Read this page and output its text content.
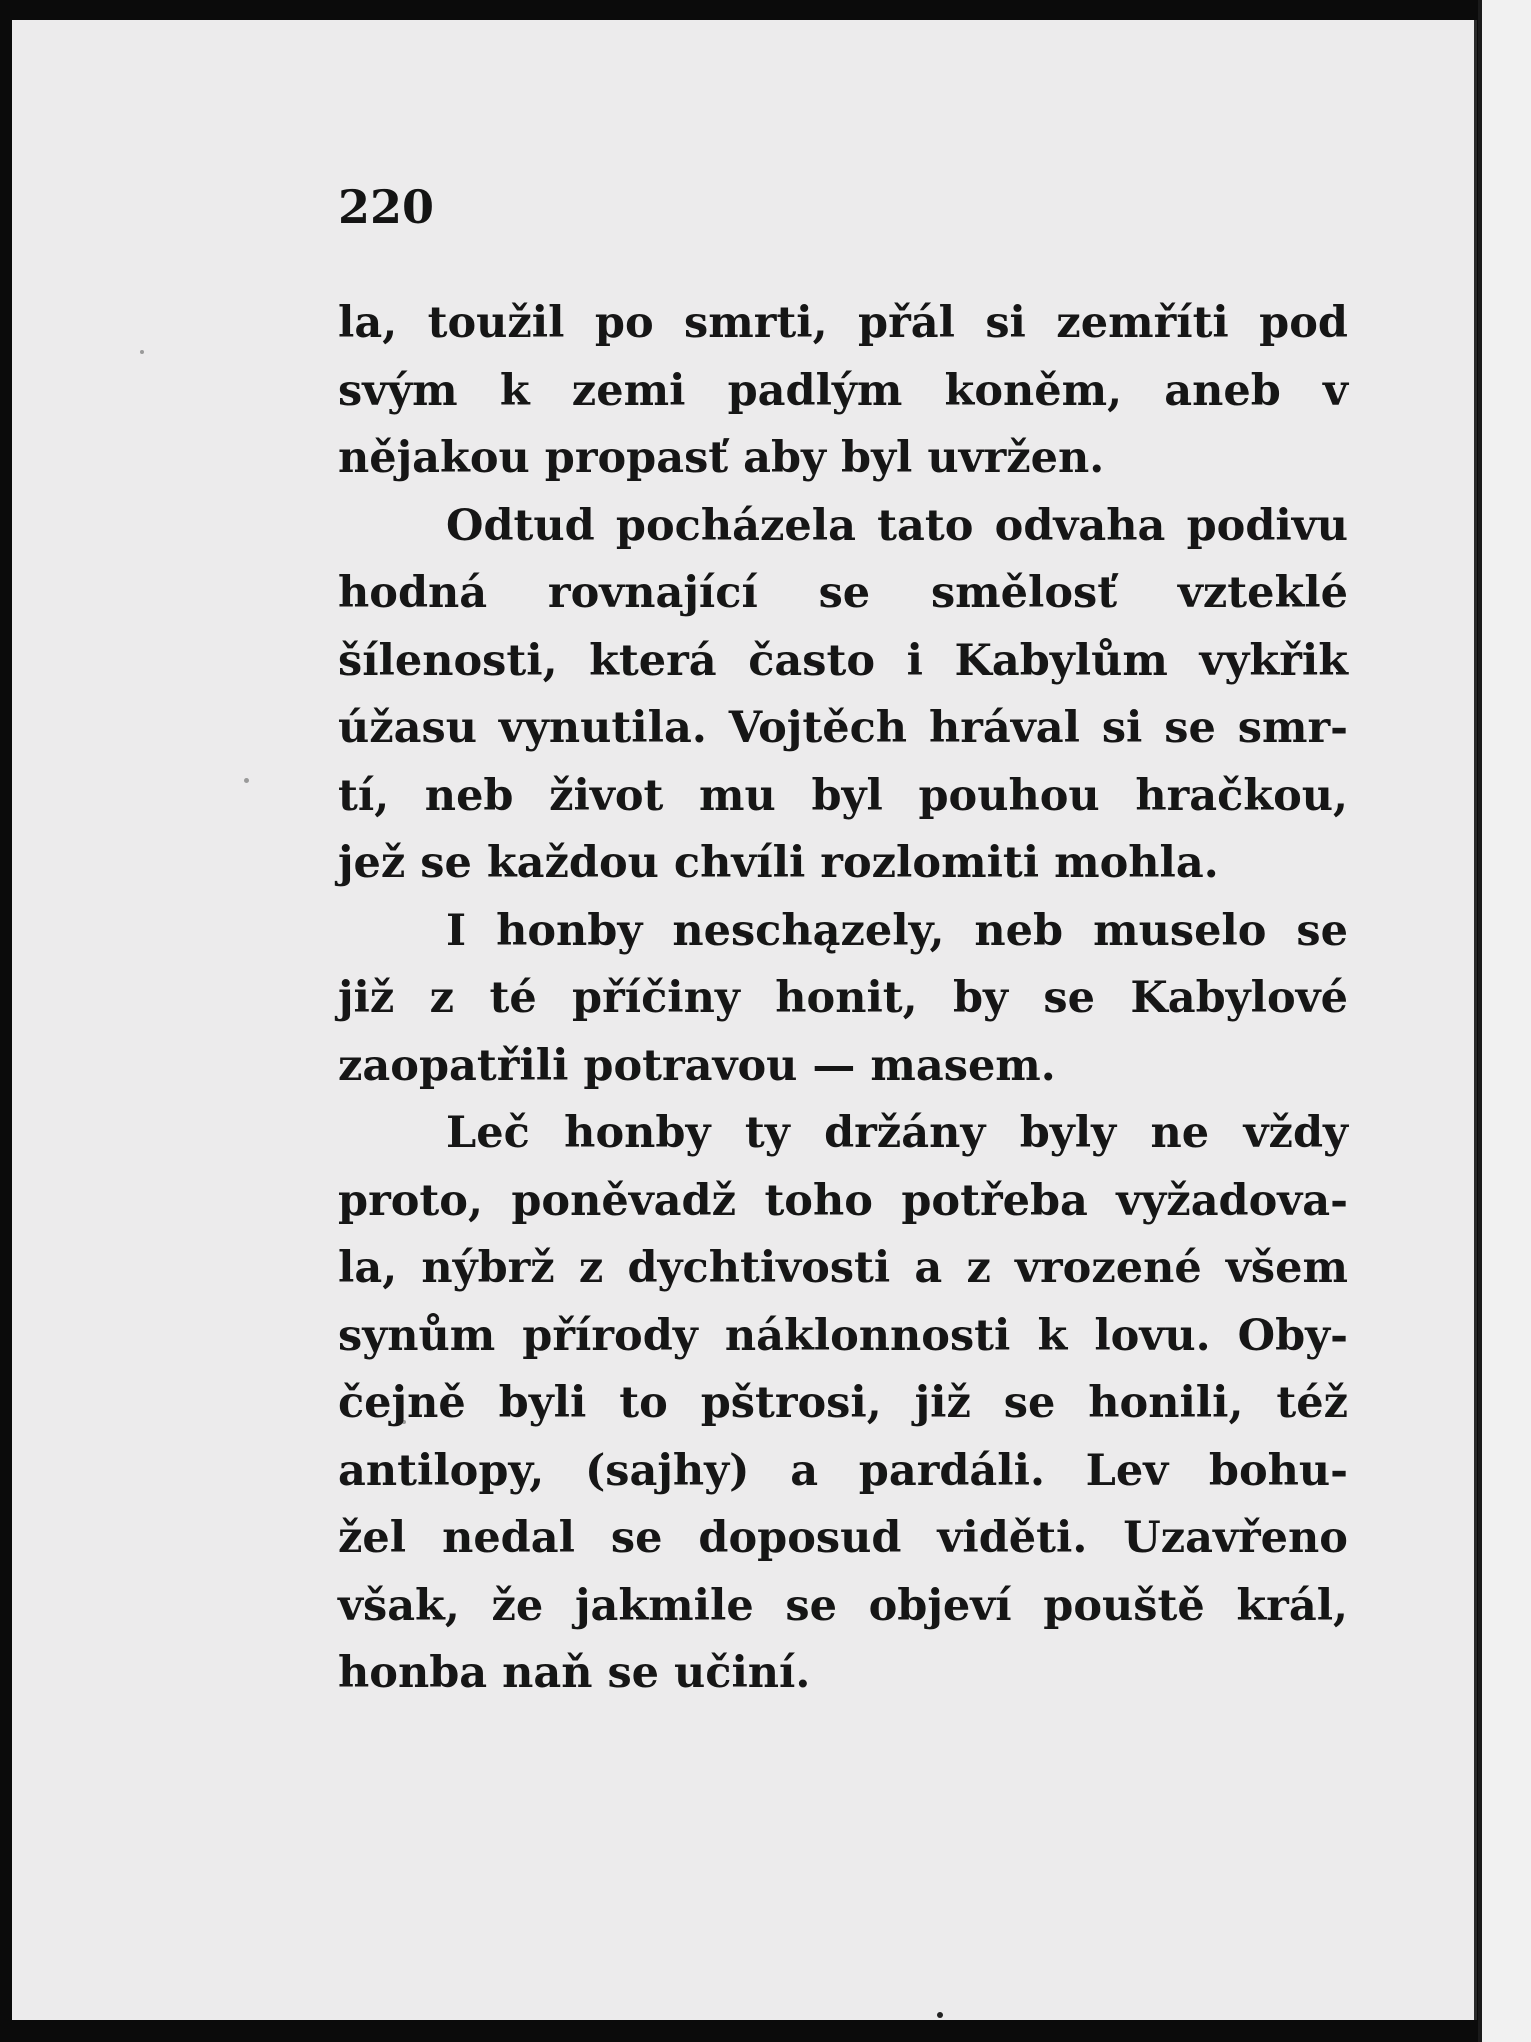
220

la, toužil po smrti, přál si zemříti pod
svým k zemi padlým koněm, aneb v
nějakou propasť aby byl uvržen.

Odtud pocházela tato odvaha podivu
hodná rovnající se smělosť vzteklé
šílenosti, která často i Kabylům vykřik
úžasu vynutila. Vojtěch hrával si se smr-
tí, neb život mu byl pouhou hračkou,
jež se každou chvíli rozlomiti mohla.

I honby neschązely, neb muselo se
již z té příčiny honit, by se Kabylové
zaopatřili potravou — masem.

Leč honby ty držány byly ne vždy
proto, poněvadž toho potřeba vyžadova-
la, nýbrž z dychtivosti a z vrozené všem
synům přírody náklonnosti k lovu. Oby-
čejně byli to pštrosi, již se honili, též
antilopy, (sajhy) a pardáli. Lev bohu-
žel nedal se doposud viděti. Uzavřeno
však, že jakmile se objeví pouště král,
honba naň se učiní.
